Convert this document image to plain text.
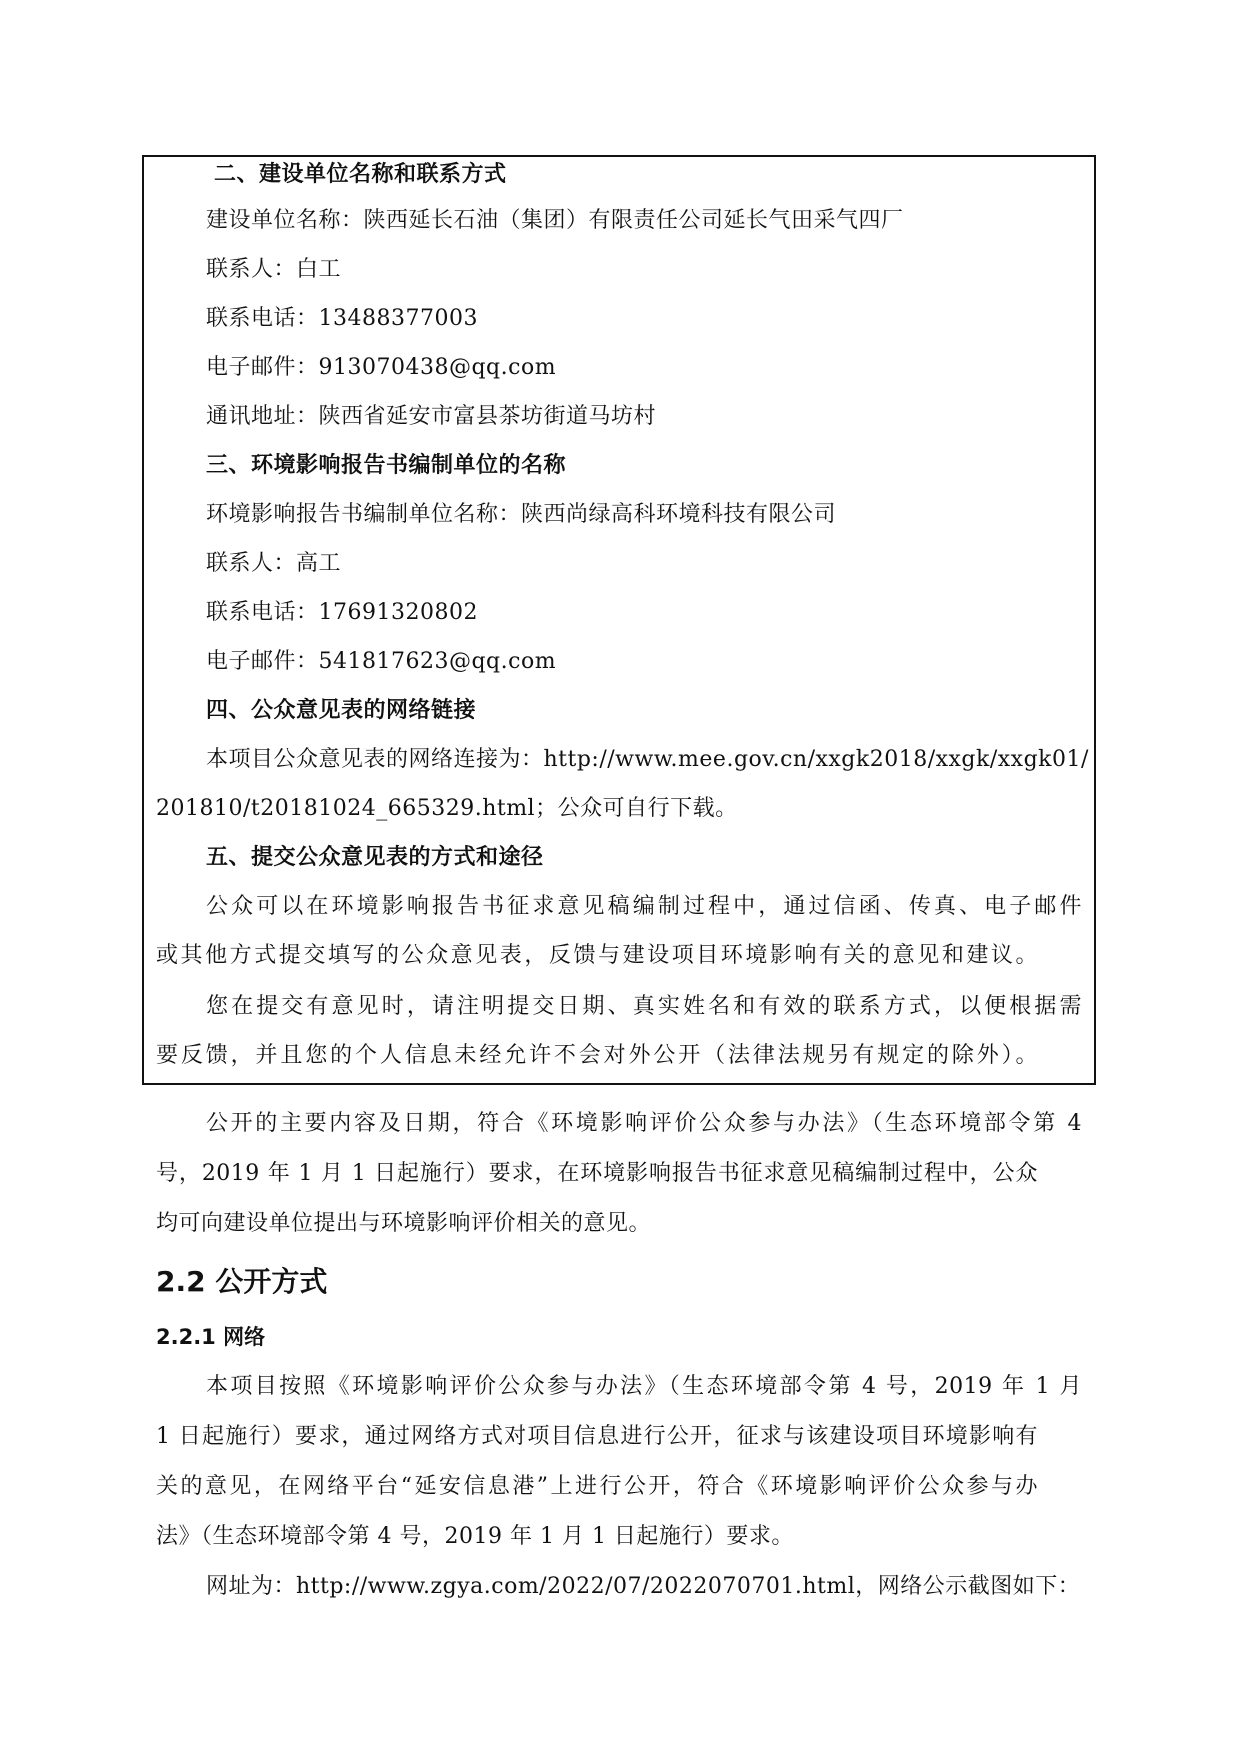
二、建设单位名称和联系方式
建设单位名称：陕西延长石油（集团）有限责任公司延长气田采气四厂
联系人：白工
联系电话：13488377003
电子邮件：913070438@qq.com
通讯地址：陕西省延安市富县茶坊街道马坊村
三、环境影响报告书编制单位的名称
环境影响报告书编制单位名称：陕西尚绿高科环境科技有限公司
联系人：高工
联系电话：17691320802
电子邮件：541817623@qq.com
四、公众意见表的网络链接
本项目公众意见表的网络连接为：http://www.mee.gov.cn/xxgk2018/xxgk/xxgk01/
201810/t20181024_665329.html；公众可自行下载。
五、提交公众意见表的方式和途径
公众可以在环境影响报告书征求意见稿编制过程中，通过信函、传真、电子邮件
或其他方式提交填写的公众意见表，反馈与建设项目环境影响有关的意见和建议。
您在提交有意见时，请注明提交日期、真实姓名和有效的联系方式，以便根据需
要反馈，并且您的个人信息未经允许不会对外公开（法律法规另有规定的除外）。
公开的主要内容及日期，符合《环境影响评价公众参与办法》（生态环境部令第 4
号，2019 年 1 月 1 日起施行）要求，在环境影响报告书征求意见稿编制过程中，公众
均可向建设单位提出与环境影响评价相关的意见。
2.2 公开方式
2.2.1 网络
本项目按照《环境影响评价公众参与办法》（生态环境部令第 4 号，2019 年 1 月
1 日起施行）要求，通过网络方式对项目信息进行公开，征求与该建设项目环境影响有
关的意见，在网络平台“延安信息港”上进行公开，符合《环境影响评价公众参与办
法》（生态环境部令第 4 号，2019 年 1 月 1 日起施行）要求。
网址为：http://www.zgya.com/2022/07/2022070701.html，网络公示截图如下：
